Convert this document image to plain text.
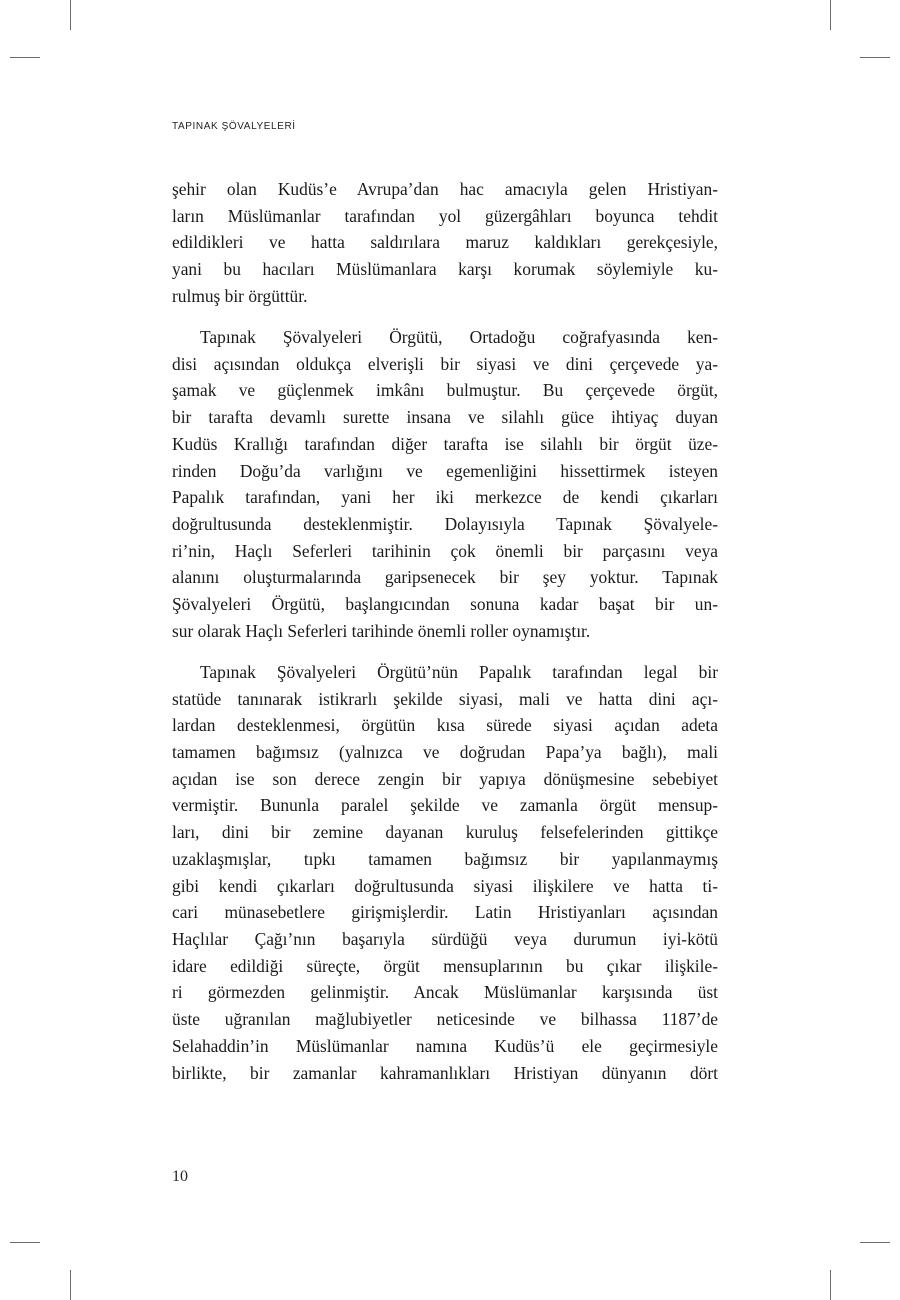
TAPINAK ŞÖVALYELERİ

şehir olan Kudüs’e Avrupa’dan hac amacıyla gelen Hristiyan-
ların Müslümanlar tarafından yol güzergâhları boyunca tehdit
edildikleri ve hatta saldırılara maruz kaldıkları gerekçesiyle,
yani bu hacıları Müslümanlara karşı korumak söylemiyle ku-
rulmuş bir örgüttür.

Tapınak Şövalyeleri Örgütü, Ortadoğu coğrafyasında ken-
disi açısından oldukça elverişli bir siyasi ve dini çerçevede ya-
şamak ve güçlenmek imkânı bulmuştur. Bu çerçevede örgüt,
bir tarafta devamlı surette insana ve silahlı güce ihtiyaç duyan
Kudüs Krallığı tarafından diğer tarafta ise silahlı bir örgüt üze-
rinden Doğu’da varlığını ve egemenliğini hissettirmek isteyen
Papalık tarafından, yani her iki merkezce de kendi çıkarları
doğrultusunda desteklenmiştir. Dolayısıyla Tapınak Şövalyele-
ri’nin, Haçlı Seferleri tarihinin çok önemli bir parçasını veya
alanını oluşturmalarında garipsenecek bir şey yoktur. Tapınak
Şövalyeleri Örgütü, başlangıcından sonuna kadar başat bir un-
sur olarak Haçlı Seferleri tarihinde önemli roller oynamıştır.

Tapınak Şövalyeleri Örgütü’nün Papalık tarafından legal bir
statüde tanınarak istikrarlı şekilde siyasi, mali ve hatta dini açı-
lardan desteklenmesi, örgütün kısa sürede siyasi açıdan adeta
tamamen bağımsız (yalnızca ve doğrudan Papa’ya bağlı), mali
açıdan ise son derece zengin bir yapıya dönüşmesine sebebiyet
vermiştir. Bununla paralel şekilde ve zamanla örgüt mensup-
ları, dini bir zemine dayanan kuruluş felsefelerinden gittikçe
uzaklaşmışlar, tıpkı tamamen bağımsız bir yapılanmaymış
gibi kendi çıkarları doğrultusunda siyasi ilişkilere ve hatta ti-
cari münasebetlere girişmişlerdir. Latin Hristiyanları açısından
Haçlılar Çağı’nın başarıyla sürdüğü veya durumun iyi-kötü
idare edildiği süreçte, örgüt mensuplarının bu çıkar ilişkile-
ri görmezden gelinmiştir. Ancak Müslümanlar karşısında üst
üste uğranılan mağlubiyetler neticesinde ve bilhassa 1187’de
Selahaddin’in Müslümanlar namına Kudüs’ü ele geçirmesiyle
birlikte, bir zamanlar kahramanlıkları Hristiyan dünyanın dört

10
